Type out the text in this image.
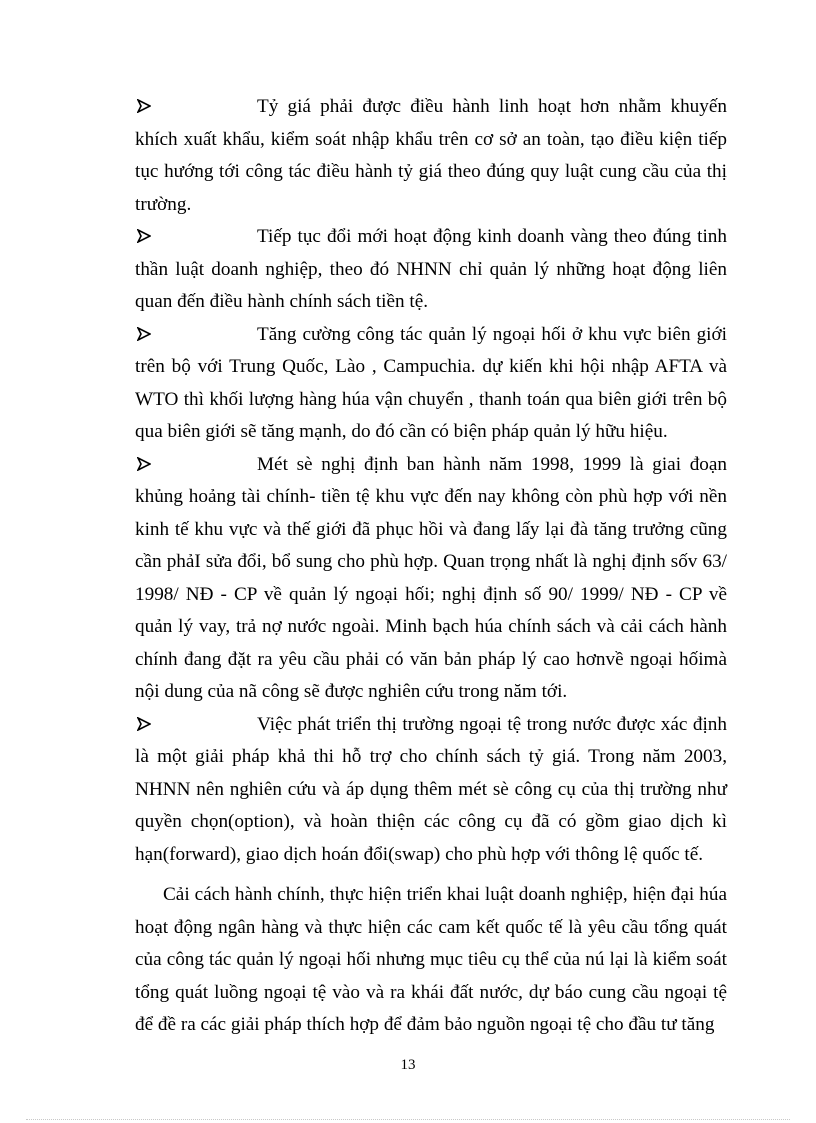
Tỷ giá phải được điều hành linh hoạt hơn nhằm khuyến khích xuất khẩu, kiểm soát nhập khẩu trên cơ sở an toàn, tạo điều kiện tiếp tục hướng tới công tác điều hành tỷ giá theo đúng quy luật cung cầu của thị trường.

Tiếp tục đổi mới hoạt động kinh doanh vàng theo đúng tinh thần luật doanh nghiệp, theo đó NHNN chỉ quản lý những hoạt động liên quan đến điều hành chính sách tiền tệ.

Tăng cường công tác quản lý ngoại hối ở khu vực biên giới trên bộ với Trung Quốc, Lào , Campuchia. dự kiến khi hội nhập AFTA và WTO thì khối lượng hàng húa vận chuyển , thanh toán qua biên giới trên bộ qua biên giới sẽ tăng mạnh, do đó cần có biện pháp quản lý hữu hiệu.

Mét sè nghị định ban hành năm 1998, 1999 là giai đoạn khủng hoảng tài chính- tiền tệ khu vực đến nay không còn phù hợp với nền kinh tế khu vực và thế giới đã phục hồi và đang lấy lại đà tăng trưởng cũng cần phảI sửa đổi, bổ sung cho phù hợp. Quan trọng nhất là nghị định sốv 63/ 1998/ NĐ - CP về quản lý ngoại hối; nghị định số 90/ 1999/ NĐ - CP về quản lý vay, trả nợ nước ngoài. Minh bạch húa chính sách và cải cách hành chính đang đặt ra yêu cầu phải có văn bản pháp lý cao hơnvề ngoại hốimà nội dung của nã công sẽ được nghiên cứu trong năm tới.

Việc phát triển thị trường ngoại tệ trong nước được xác định là một giải pháp khả thi hỗ trợ cho chính sách tỷ giá. Trong năm 2003, NHNN nên nghiên cứu và áp dụng thêm mét sè công cụ của thị trường như quyền chọn(option), và hoàn thiện các công cụ đã có gồm giao dịch kì hạn(forward), giao dịch hoán đổi(swap) cho phù hợp với thông lệ quốc tế.

Cải cách hành chính, thực hiện triển khai luật doanh nghiệp, hiện đại húa hoạt động ngân hàng và thực hiện các cam kết quốc tế là yêu cầu tổng quát của công tác quản lý ngoại hối nhưng mục tiêu cụ thể của nú lại là kiểm soát tổng quát luồng ngoại tệ vào và ra khái đất nước, dự báo cung cầu ngoại tệ để đề ra các giải pháp thích hợp để đảm bảo nguồn ngoại tệ cho đầu tư tăng

13
